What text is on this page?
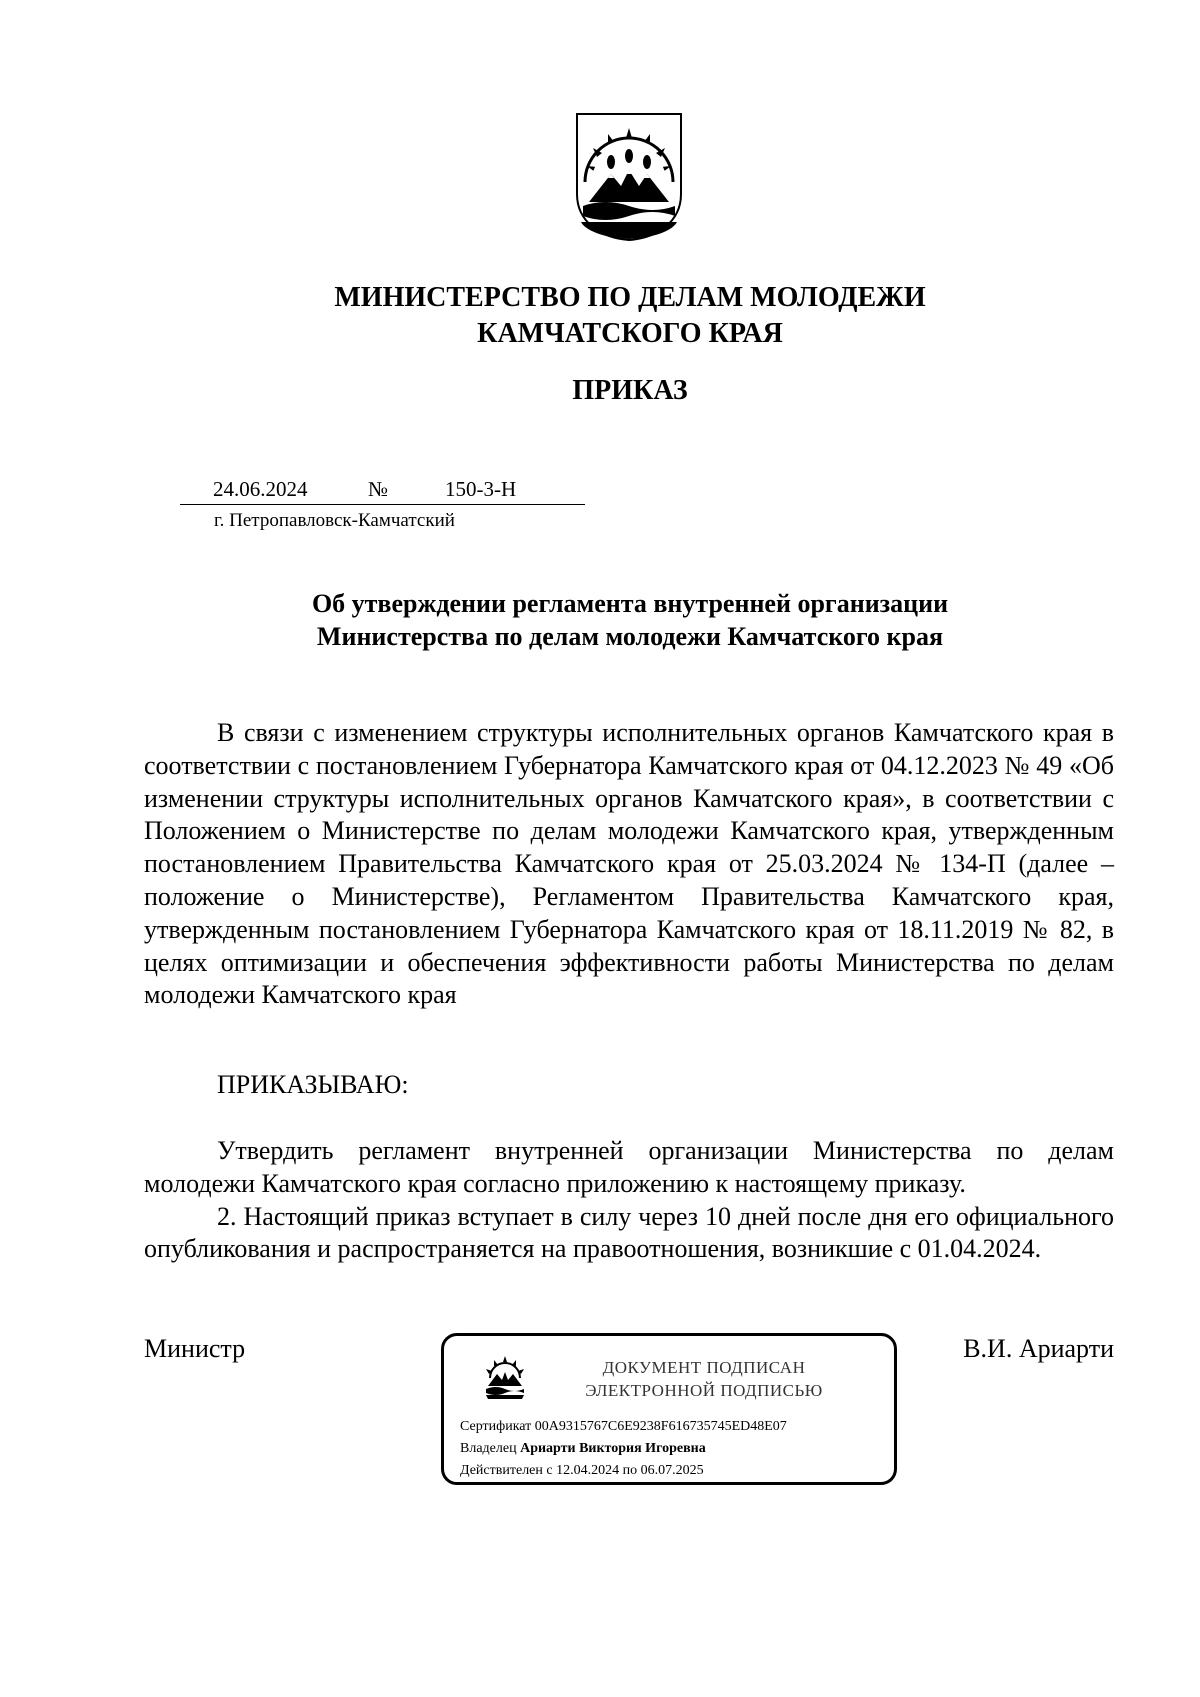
МИНИСТЕРСТВО ПО ДЕЛАМ МОЛОДЕЖИ
КАМЧАТСКОГО КРАЯ
ПРИКАЗ
24.06.2024	№	150-3-Н
г. Петропавловск-Камчатский
Об утверждении регламента внутренней организации
Министерства по делам молодежи Камчатского края

В связи с изменением структуры исполнительных органов Камчатского края в соответствии с постановлением Губернатора Камчатского края от 04.12.2023 № 49 «Об изменении структуры исполнительных органов Камчатского края», в соответствии с Положением о Министерстве по делам молодежи Камчатского края, утвержденным постановлением Правительства Камчатского края от 25.03.2024 № 134-П (далее – положение о Министерстве), Регламентом Правительства Камчатского края, утвержденным постановлением Губернатора Камчатского края от 18.11.2019 № 82, в целях оптимизации и обеспечения эффективности работы Министерства по делам молодежи Камчатского края

ПРИКАЗЫВАЮ:

Утвердить регламент внутренней организации Министерства по делам молодежи Камчатского края согласно приложению к настоящему приказу.

2. Настоящий приказ вступает в силу через 10 дней после дня его официального опубликования и распространяется на правоотношения, возникшие с 01.04.2024.

Министр	В.И. Ариарти
ДОКУМЕНТ ПОДПИСАН
ЭЛЕКТРОННОЙ ПОДПИСЬЮ
Сертификат 00A9315767C6E9238F616735745ED48E07
Владелец Ариарти Виктория Игоревна
Действителен с 12.04.2024 по 06.07.2025
